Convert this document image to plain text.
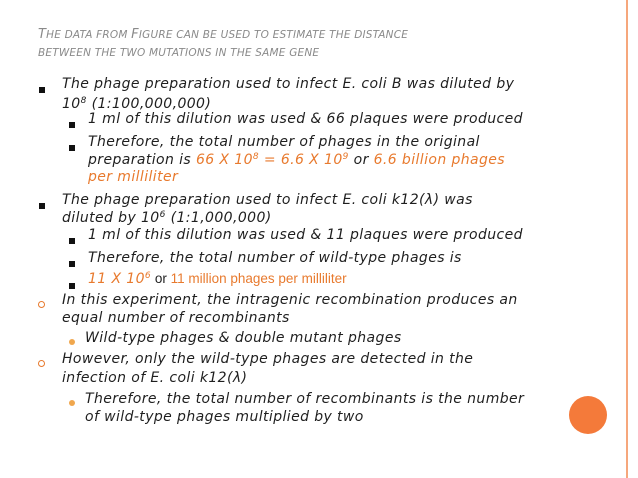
THE DATA FROM FIGURE CAN BE USED TO ESTIMATE THE DISTANCE
BETWEEN THE TWO MUTATIONS IN THE SAME GENE
The phage preparation used to infect E. coli B was diluted by
$10^8$ (1:100,000,000)
1 ml of this dilution was used & 66 plaques were produced
Therefore, the total number of phages in the original
preparation is 66 X $10^8 = 6.6$ X $10^9$ or 6.6 billion phages
per milliliter
The phage preparation used to infect E. coli k12(λ) was
diluted by $10^6$ (1:1,000,000)
1 ml of this dilution was used & 11 plaques were produced
Therefore, the total number of wild-type phages is
11 X $10^6$ or 11 million phages per milliliter
In this experiment, the intragenic recombination produces an
equal number of recombinants
Wild-type phages & double mutant phages
However, only the wild-type phages are detected in the
infection of E. coli k12(λ)
Therefore, the total number of recombinants is the number
of wild-type phages multiplied by two
